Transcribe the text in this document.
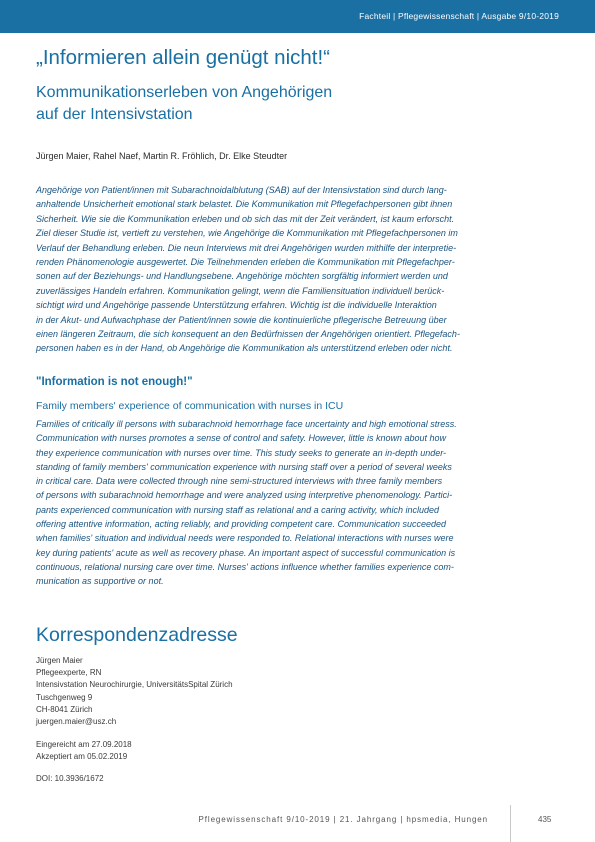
Fachteil | Pflegewissenschaft | Ausgabe 9/10-2019
„Informieren allein genügt nicht!“
Kommunikationserleben von Angehörigen
auf der Intensivstation
Jürgen Maier, Rahel Naef, Martin R. Fröhlich, Dr. Elke Steudter

Angehörige von Patient/innen mit Subarachnoidalblutung (SAB) auf der Intensivstation sind durch lang-
anhaltende Unsicherheit emotional stark belastet. Die Kommunikation mit Pflegefachpersonen gibt ihnen
Sicherheit. Wie sie die Kommunikation erleben und ob sich das mit der Zeit verändert, ist kaum erforscht.
Ziel dieser Studie ist, vertieft zu verstehen, wie Angehörige die Kommunikation mit Pflegefachpersonen im
Verlauf der Behandlung erleben. Die neun Interviews mit drei Angehörigen wurden mithilfe der interpretie-
renden Phänomenologie ausgewertet. Die Teilnehmenden erleben die Kommunikation mit Pflegefachper-
sonen auf der Beziehungs- und Handlungsebene. Angehörige möchten sorgfältig informiert werden und
zuverlässiges Handeln erfahren. Kommunikation gelingt, wenn die Familiensituation individuell berück-
sichtigt wird und Angehörige passende Unterstützung erfahren. Wichtig ist die individuelle Interaktion
in der Akut- und Aufwachphase der Patient/innen sowie die kontinuierliche pflegerische Betreuung über
einen längeren Zeitraum, die sich konsequent an den Bedürfnissen der Angehörigen orientiert. Pflegefach-
personen haben es in der Hand, ob Angehörige die Kommunikation als unterstützend erleben oder nicht.

"Information is not enough!"
Family members' experience of communication with nurses in ICU

Families of critically ill persons with subarachnoid hemorrhage face uncertainty and high emotional stress.
Communication with nurses promotes a sense of control and safety. However, little is known about how
they experience communication with nurses over time. This study seeks to generate an in-depth under-
standing of family members' communication experience with nursing staff over a period of several weeks
in critical care. Data were collected through nine semi-structured interviews with three family members
of persons with subarachnoid hemorrhage and were analyzed using interpretive phenomenology. Partici-
pants experienced communication with nursing staff as relational and a caring activity, which included
offering attentive information, acting reliably, and providing competent care. Communication succeeded
when families' situation and individual needs were responded to. Relational interactions with nurses were
key during patients' acute as well as recovery phase. An important aspect of successful communication is
continuous, relational nursing care over time. Nurses' actions influence whether families experience com-
munication as supportive or not.

Korrespondenzadresse
Jürgen Maier
Pflegeexperte, RN
Intensivstation Neurochirurgie, UniversitätsSpital Zürich
Tuschgenweg 9
CH-8041 Zürich
juergen.maier@usz.ch
Eingereicht am 27.09.2018
Akzeptiert am 05.02.2019
DOI: 10.3936/1672
Pflegewissenschaft 9/10-2019 | 21. Jahrgang | hpsmedia, Hungen	435
